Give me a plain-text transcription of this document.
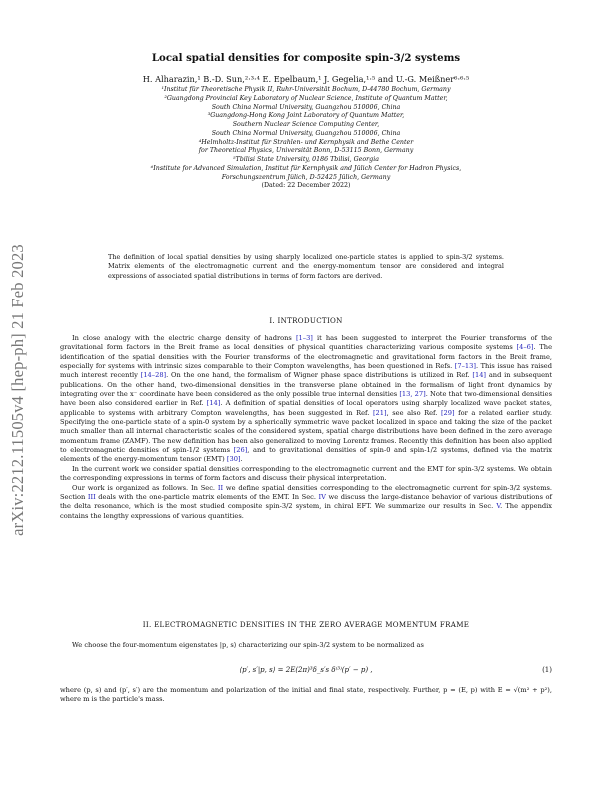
arXiv:2212.11505v4 [hep-ph] 21 Feb 2023
Local spatial densities for composite spin-3/2 systems
H. Alharazin,¹ B.-D. Sun,²·³·⁴ E. Epelbaum,¹ J. Gegelia,¹·⁵ and U.-G. Meißner⁶·⁶·⁵
¹Institut für Theoretische Physik II, Ruhr-Universität Bochum, D-44780 Bochum, Germany
²Guangdong Provincial Key Laboratory of Nuclear Science, Institute of Quantum Matter,
South China Normal University, Guangzhou 510006, China
³Guangdong-Hong Kong Joint Laboratory of Quantum Matter,
Southern Nuclear Science Computing Center,
South China Normal University, Guangzhou 510006, China
⁴Helmholtz-Institut für Strahlen- und Kernphysik and Bethe Center
for Theoretical Physics, Universität Bonn, D-53115 Bonn, Germany
⁵Tbilisi State University, 0186 Tbilisi, Georgia
⁶Institute for Advanced Simulation, Institut für Kernphysik and Jülich Center for Hadron Physics,
Forschungszentrum Jülich, D-52425 Jülich, Germany
(Dated: 22 December 2022)
The definition of local spatial densities by using sharply localized one-particle states is applied to spin-3/2 systems. Matrix elements of the electromagnetic current and the energy-momentum tensor are considered and integral expressions of associated spatial distributions in terms of form factors are derived.
I. INTRODUCTION

In close analogy with the electric charge density of hadrons [1–3] it has been suggested to interpret the Fourier transforms of the gravitational form factors in the Breit frame as local densities of physical quantities characterizing various composite systems [4–6]. The identification of the spatial densities with the Fourier transforms of the electromagnetic and gravitational form factors in the Breit frame, especially for systems with intrinsic sizes comparable to their Compton wavelengths, has been questioned in Refs. [7–13]. This issue has raised much interest recently [14–28]. On the one hand, the formalism of Wigner phase space distributions is utilized in Ref. [14] and in subsequent publications. On the other hand, two-dimensional densities in the transverse plane obtained in the formalism of light front dynamics by integrating over the x⁻ coordinate have been considered as the only possible true internal densities [13, 27]. Note that two-dimensional densities have been also considered earlier in Ref. [14]. A definition of spatial densities of local operators using sharply localized wave packet states, applicable to systems with arbitrary Compton wavelengths, has been suggested in Ref. [21], see also Ref. [29] for a related earlier study. Specifying the one-particle state of a spin-0 system by a spherically symmetric wave packet localized in space and taking the size of the packet much smaller than all internal characteristic scales of the considered system, spatial charge distributions have been defined in the zero average momentum frame (ZAMF). The new definition has been also generalized to moving Lorentz frames. Recently this definition has been also applied to electromagnetic densities of spin-1/2 systems [26], and to gravitational densities of spin-0 and spin-1/2 systems, defined via the matrix elements of the energy-momentum tensor (EMT) [30].

In the current work we consider spatial densities corresponding to the electromagnetic current and the EMT for spin-3/2 systems. We obtain the corresponding expressions in terms of form factors and discuss their physical interpretation.

Our work is organized as follows. In Sec. II we define spatial densities corresponding to the electromagnetic current for spin-3/2 systems. Section III deals with the one-particle matrix elements of the EMT. In Sec. IV we discuss the large-distance behavior of various distributions of the delta resonance, which is the most studied composite spin-3/2 system, in chiral EFT. We summarize our results in Sec. V. The appendix contains the lengthy expressions of various quantities.

II. ELECTROMAGNETIC DENSITIES IN THE ZERO AVERAGE MOMENTUM FRAME

We choose the four-momentum eigenstates |p, s⟩ characterizing our spin-3/2 system to be normalized as

⟨p′, s′|p, s⟩ = 2E(2π)³δ_s′s δ⁽³⁾(p′ − p) ,	(1)

where (p, s) and (p′, s′) are the momentum and polarization of the initial and final state, respectively. Further, p = (E, p) with E = √(m² + p²), where m is the particle's mass.
